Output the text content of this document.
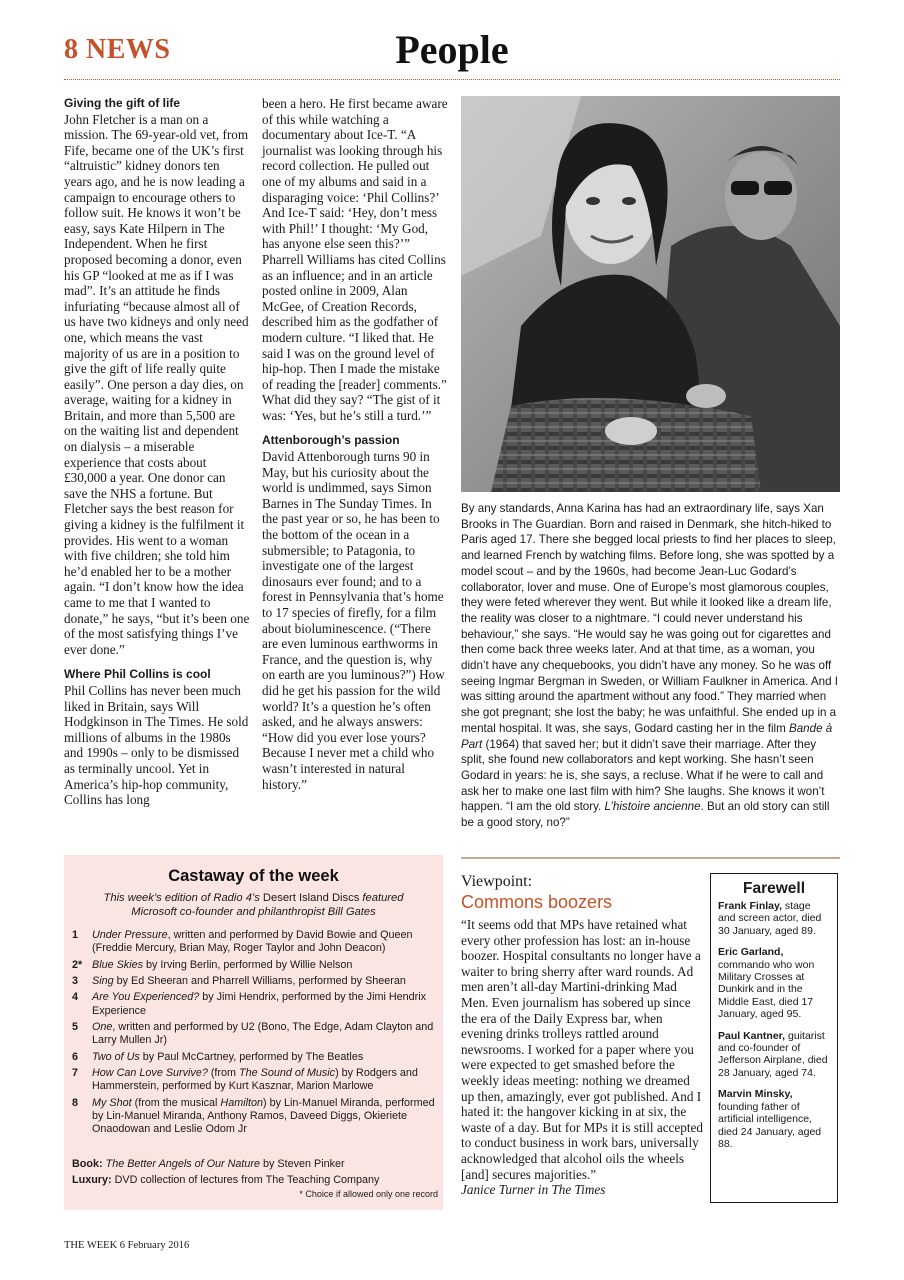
8 NEWS	People

Giving the gift of life

John Fletcher is a man on a mission. The 69-year-old vet, from Fife, became one of the UK’s first “altruistic” kidney donors ten years ago, and he is now leading a campaign to encourage others to follow suit. He knows it won’t be easy, says Kate Hilpern in The Independent. When he first proposed becoming a donor, even his GP “looked at me as if I was mad”. It’s an attitude he finds infuriating “because almost all of us have two kidneys and only need one, which means the vast majority of us are in a position to give the gift of life really quite easily”. One person a day dies, on average, waiting for a kidney in Britain, and more than 5,500 are on the waiting list and dependent on dialysis – a miserable experience that costs about £30,000 a year. One donor can save the NHS a fortune. But Fletcher says the best reason for giving a kidney is the fulfilment it provides. His went to a woman with five children; she told him he’d enabled her to be a mother again. “I don’t know how the idea came to me that I wanted to donate,” he says, “but it’s been one of the most satisfying things I’ve ever done.”

Where Phil Collins is cool

Phil Collins has never been much liked in Britain, says Will Hodgkinson in The Times. He sold millions of albums in the 1980s and 1990s – only to be dismissed as terminally uncool. Yet in America’s hip-hop community, Collins has long

been a hero. He first became aware of this while watching a documentary about Ice-T. “A journalist was looking through his record collection. He pulled out one of my albums and said in a disparaging voice: ‘Phil Collins?’ And Ice-T said: ‘Hey, don’t mess with Phil!’ I thought: ‘My God, has anyone else seen this?’” Pharrell Williams has cited Collins as an influence; and in an article posted online in 2009, Alan McGee, of Creation Records, described him as the godfather of modern culture. “I liked that. He said I was on the ground level of hip-hop. Then I made the mistake of reading the [reader] comments.” What did they say? “The gist of it was: ‘Yes, but he’s still a turd.’”

Attenborough’s passion

David Attenborough turns 90 in May, but his curiosity about the world is undimmed, says Simon Barnes in The Sunday Times. In the past year or so, he has been to the bottom of the ocean in a submersible; to Patagonia, to investigate one of the largest dinosaurs ever found; and to a forest in Pennsylvania that’s home to 17 species of firefly, for a film about bioluminescence. (“There are even luminous earthworms in France, and the question is, why on earth are you luminous?”) How did he get his passion for the wild world? It’s a question he’s often asked, and he always answers: “How did you ever lose yours? Because I never met a child who wasn’t interested in natural history.”

By any standards, Anna Karina has had an extraordinary life, says Xan Brooks in The Guardian. Born and raised in Denmark, she hitch-hiked to Paris aged 17. There she begged local priests to find her places to sleep, and learned French by watching films. Before long, she was spotted by a model scout – and by the 1960s, had become Jean-Luc Godard’s collaborator, lover and muse. One of Europe’s most glamorous couples, they were feted wherever they went. But while it looked like a dream life, the reality was closer to a nightmare. “I could never understand his behaviour,” she says. “He would say he was going out for cigarettes and then come back three weeks later. And at that time, as a woman, you didn’t have any chequebooks, you didn’t have any money. So he was off seeing Ingmar Bergman in Sweden, or William Faulkner in America. And I was sitting around the apartment without any food.” They married when she got pregnant; she lost the baby; he was unfaithful. She ended up in a mental hospital. It was, she says, Godard casting her in the film Bande à Part (1964) that saved her; but it didn’t save their marriage. After they split, she found new collaborators and kept working. She hasn’t seen Godard in years: he is, she says, a recluse. What if he were to call and ask her to make one last film with him? She laughs. She knows it won’t happen. “I am the old story. L’histoire ancienne. But an old story can still be a good story, no?”
Castaway of the week
This week’s edition of Radio 4’s Desert Island Discs featured Microsoft co-founder and philanthropist Bill Gates
1 Under Pressure, written and performed by David Bowie and Queen (Freddie Mercury, Brian May, Roger Taylor and John Deacon)
2* Blue Skies by Irving Berlin, performed by Willie Nelson
3 Sing by Ed Sheeran and Pharrell Williams, performed by Sheeran
4 Are You Experienced? by Jimi Hendrix, performed by the Jimi Hendrix Experience
5 One, written and performed by U2 (Bono, The Edge, Adam Clayton and Larry Mullen Jr)
6 Two of Us by Paul McCartney, performed by The Beatles
7 How Can Love Survive? (from The Sound of Music) by Rodgers and Hammerstein, performed by Kurt Kasznar, Marion Marlowe
8 My Shot (from the musical Hamilton) by Lin-Manuel Miranda, performed by Lin-Manuel Miranda, Anthony Ramos, Daveed Diggs, Okieriete Onaodowan and Leslie Odom Jr
Book: The Better Angels of Our Nature by Steven Pinker
Luxury: DVD collection of lectures from The Teaching Company
* Choice if allowed only one record
Viewpoint:
Commons boozers
“It seems odd that MPs have retained what every other profession has lost: an in-house boozer. Hospital consultants no longer have a waiter to bring sherry after ward rounds. Ad men aren’t all-day Martini-drinking Mad Men. Even journalism has sobered up since the era of the Daily Express bar, when evening drinks trolleys rattled around newsrooms. I worked for a paper where you were expected to get smashed before the weekly ideas meeting: nothing we dreamed up then, amazingly, ever got published. And I hated it: the hangover kicking in at six, the waste of a day. But for MPs it is still accepted to conduct business in work bars, universally acknowledged that alcohol oils the wheels [and] secures majorities.”
Janice Turner in The Times
Farewell
Frank Finlay, stage and screen actor, died 30 January, aged 89.
Eric Garland, commando who won Military Crosses at Dunkirk and in the Middle East, died 17 January, aged 95.
Paul Kantner, guitarist and co-founder of Jefferson Airplane, died 28 January, aged 74.
Marvin Minsky, founding father of artificial intelligence, died 24 January, aged 88.
THE WEEK 6 February 2016
